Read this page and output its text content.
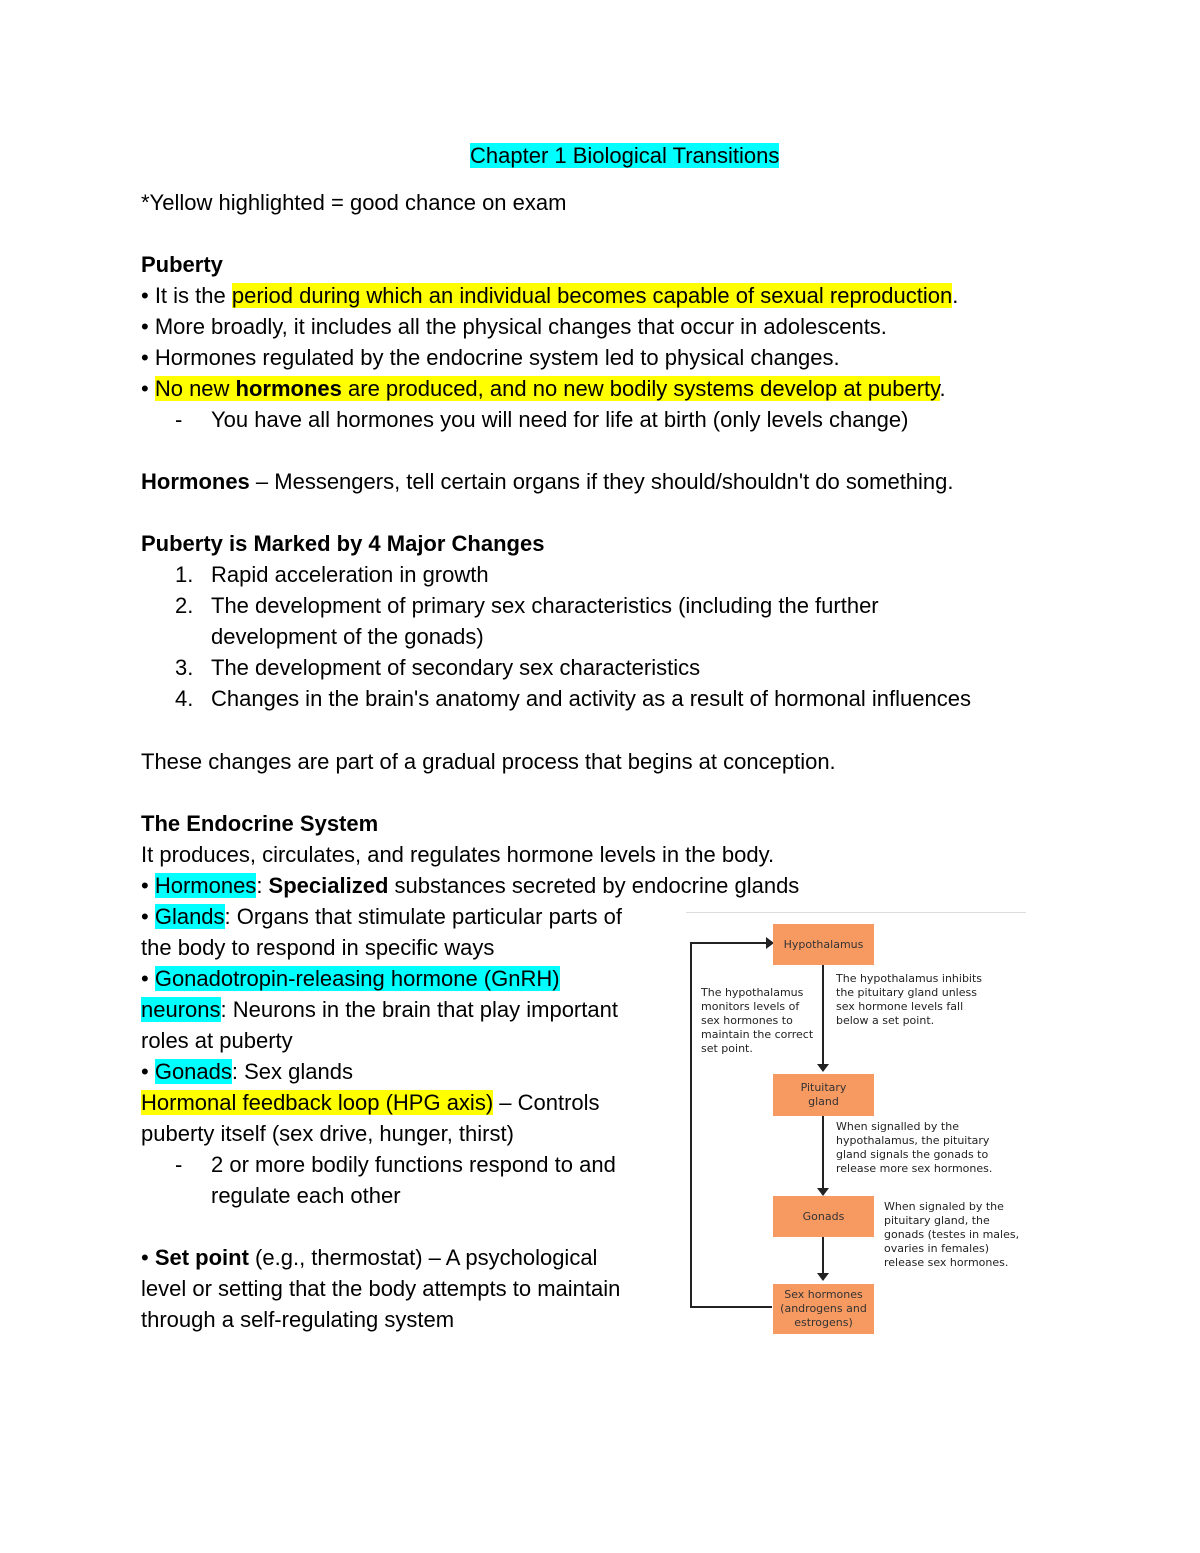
Chapter 1 Biological Transitions
*Yellow highlighted = good chance on exam
Puberty
• It is the period during which an individual becomes capable of sexual reproduction.
• More broadly, it includes all the physical changes that occur in adolescents.
• Hormones regulated by the endocrine system led to physical changes.
• No new hormones are produced, and no new bodily systems develop at puberty.
- You have all hormones you will need for life at birth (only levels change)
Hormones – Messengers, tell certain organs if they should/shouldn't do something.
Puberty is Marked by 4 Major Changes
1. Rapid acceleration in growth
2. The development of primary sex characteristics (including the further
development of the gonads)
3. The development of secondary sex characteristics
4. Changes in the brain's anatomy and activity as a result of hormonal influences
These changes are part of a gradual process that begins at conception.
The Endocrine System
It produces, circulates, and regulates hormone levels in the body.
• Hormones: Specialized substances secreted by endocrine glands
• Glands: Organs that stimulate particular parts of
the body to respond in specific ways
• Gonadotropin-releasing hormone (GnRH)
neurons: Neurons in the brain that play important
roles at puberty
• Gonads: Sex glands
Hormonal feedback loop (HPG axis) – Controls
puberty itself (sex drive, hunger, thirst)
- 2 or more bodily functions respond to and
regulate each other
• Set point (e.g., thermostat) – A psychological
level or setting that the body attempts to maintain
through a self-regulating system
Hypothalamus
Pituitary gland
Gonads
Sex hormones (androgens and estrogens)
The hypothalamus monitors levels of sex hormones to maintain the correct set point.
The hypothalamus inhibits the pituitary gland unless sex hormone levels fall below a set point.
When signalled by the hypothalamus, the pituitary gland signals the gonads to release more sex hormones.
When signaled by the pituitary gland, the gonads (testes in males, ovaries in females) release sex hormones.
